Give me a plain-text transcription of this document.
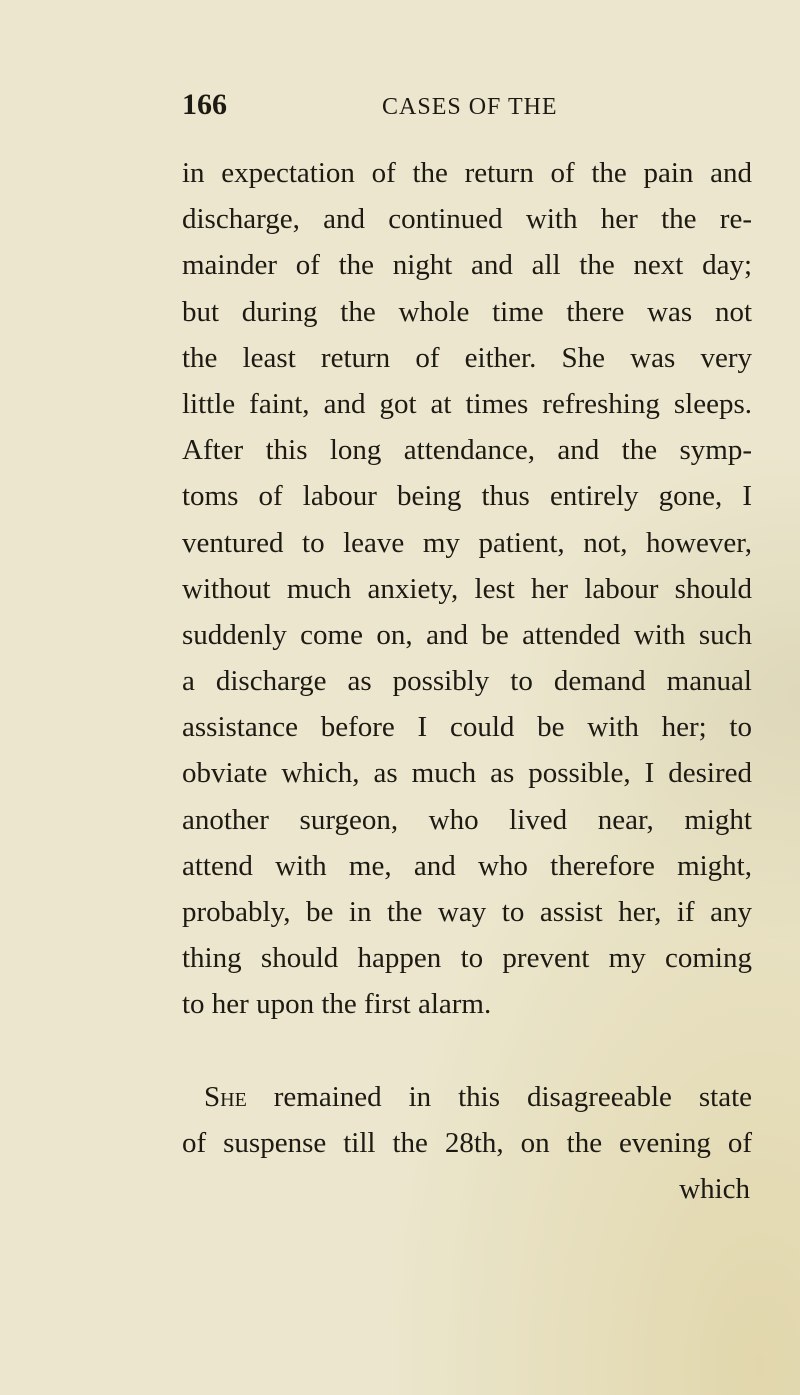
166	CASES OF THE
in expectation of the return of the pain and
discharge, and continued with her the re-
mainder of the night and all the next day;
but during the whole time there was not
the least return of either. She was very
little faint, and got at times refreshing sleeps.
After this long attendance, and the symp-
toms of labour being thus entirely gone, I
ventured to leave my patient, not, however,
without much anxiety, lest her labour should
suddenly come on, and be attended with such
a discharge as possibly to demand manual
assistance before I could be with her; to
obviate which, as much as possible, I desired
another surgeon, who lived near, might
attend with me, and who therefore might,
probably, be in the way to assist her, if any
thing should happen to prevent my coming
to her upon the first alarm.
She remained in this disagreeable state
of suspense till the 28th, on the evening of
which
